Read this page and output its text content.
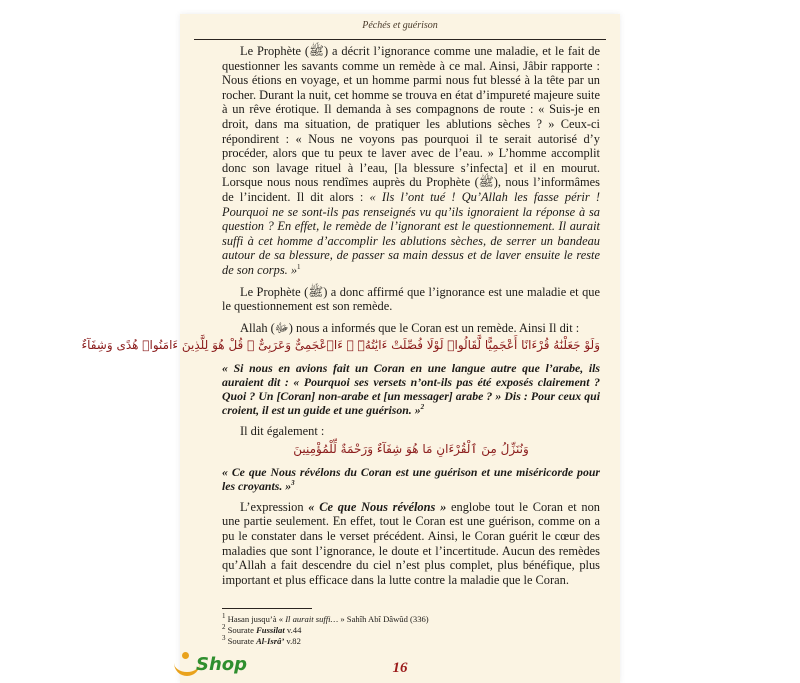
Péchés et guérison

Le Prophète (ﷺ) a décrit l’ignorance comme une maladie, et le fait de questionner les savants comme un remède à ce mal. Ainsi, Jâbir rapporte : Nous étions en voyage, et un homme parmi nous fut blessé à la tête par un rocher. Durant la nuit, cet homme se trouva en état d’impureté majeure suite à un rêve érotique. Il demanda à ses compagnons de route : « Suis-je en droit, dans ma situation, de pratiquer les ablutions sèches ? » Ceux-ci répondirent : « Nous ne voyons pas pourquoi il te serait autorisé d’y procéder, alors que tu peux te laver avec de l’eau. » L’homme accomplit donc son lavage rituel à l’eau, [la blessure s’infecta] et il en mourut. Lorsque nous nous rendîmes auprès du Prophète (ﷺ), nous l’informâmes de l’incident. Il dit alors : « Ils l’ont tué ! Qu’Allah les fasse périr ! Pourquoi ne se sont-ils pas renseignés vu qu’ils ignoraient la réponse à sa question ? En effet, le remède de l’ignorant est le questionnement. Il aurait suffi à cet homme d’accomplir les ablutions sèches, de serrer un bandeau autour de sa blessure, de passer sa main dessus et de laver ensuite le reste de son corps. »$^1$

Le Prophète (ﷺ) a donc affirmé que l’ignorance est une maladie et que le questionnement est son remède.

Allah (ﷻ) nous a informés que le Coran est un remède. Ainsi Il dit :

وَلَوْ جَعَلْنَٰهُ قُرْءَانًا أَعْجَمِيًّا لَّقَالُوا۟ لَوْلَا فُصِّلَتْ ءَايَٰتُهُۥٓ ۖ ءَا۬عْجَمِىٌّ وَعَرَبِىٌّ ۗ قُلْ هُوَ لِلَّذِينَ ءَامَنُوا۟ هُدًى وَشِفَآءٌ

« Si nous en avions fait un Coran en une langue autre que l’arabe, ils auraient dit : « Pourquoi ses versets n’ont-ils pas été exposés clairement ? Quoi ? Un [Coran] non-arabe et [un messager] arabe ? » Dis : Pour ceux qui croient, il est un guide et une guérison. »$^2$

Il dit également :

وَنُنَزِّلُ مِنَ ٱلْقُرْءَانِ مَا هُوَ شِفَآءٌ وَرَحْمَةٌ لِّلْمُؤْمِنِينَ

« Ce que Nous révélons du Coran est une guérison et une miséricorde pour les croyants. »$^3$

L’expression « Ce que Nous révélons » englobe tout le Coran et non une partie seulement. En effet, tout le Coran est une guérison, comme on a pu le constater dans le verset précédent. Ainsi, le Coran guérit le cœur des maladies que sont l’ignorance, le doute et l’incertitude. Aucun des remèdes qu’Allah a fait descendre du ciel n’est plus complet, plus bénéfique, plus important et plus efficace dans la lutte contre la maladie que le Coran.

$^1$ Hasan jusqu’à « Il aurait suffi… » Sahîh Abî Dâwûd (336)
$^2$ Sourate Fussilat v.44
$^3$ Sourate Al-Isrâ’ v.82
16
Shop
